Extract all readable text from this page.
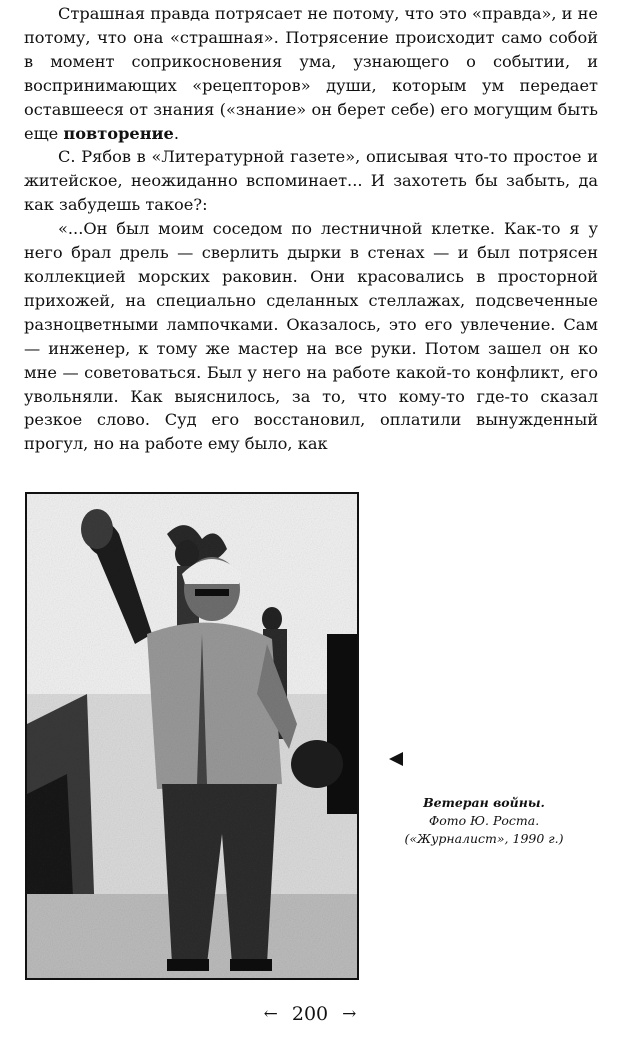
Страшная правда потрясает не потому, что это «правда», и не потому, что она «страшная». Потрясение происходит само собой в момент соприкосновения ума, узнающего о событии, и воспринимающих «рецепторов» души, которым ум передает оставшееся от знания («знание» он берет себе) его могущим быть еще повторение.

С. Рябов в «Литературной газете», описывая что-то простое и житейское, неожиданно вспоминает... И захотеть бы забыть, да как забудешь такое?:

«...Он был моим соседом по лестничной клетке. Как-то я у него брал дрель — сверлить дырки в стенах — и был потрясен коллекцией морских раковин. Они красовались в просторной прихожей, на специально сделанных стеллажах, подсвеченные разноцветными лампочками. Оказалось, это его увлечение. Сам — инженер, к тому же мастер на все руки. Потом зашел он ко мне — советоваться. Был у него на работе какой-то конфликт, его увольняли. Как выяснилось, за то, что кому-то где-то сказал резкое слово. Суд его восстановил, оплатили вынужденный прогул, но на работе ему было, как

Ветеран войны.
Фото Ю. Роста.
(«Журналист», 1990 г.)
← 200 →
